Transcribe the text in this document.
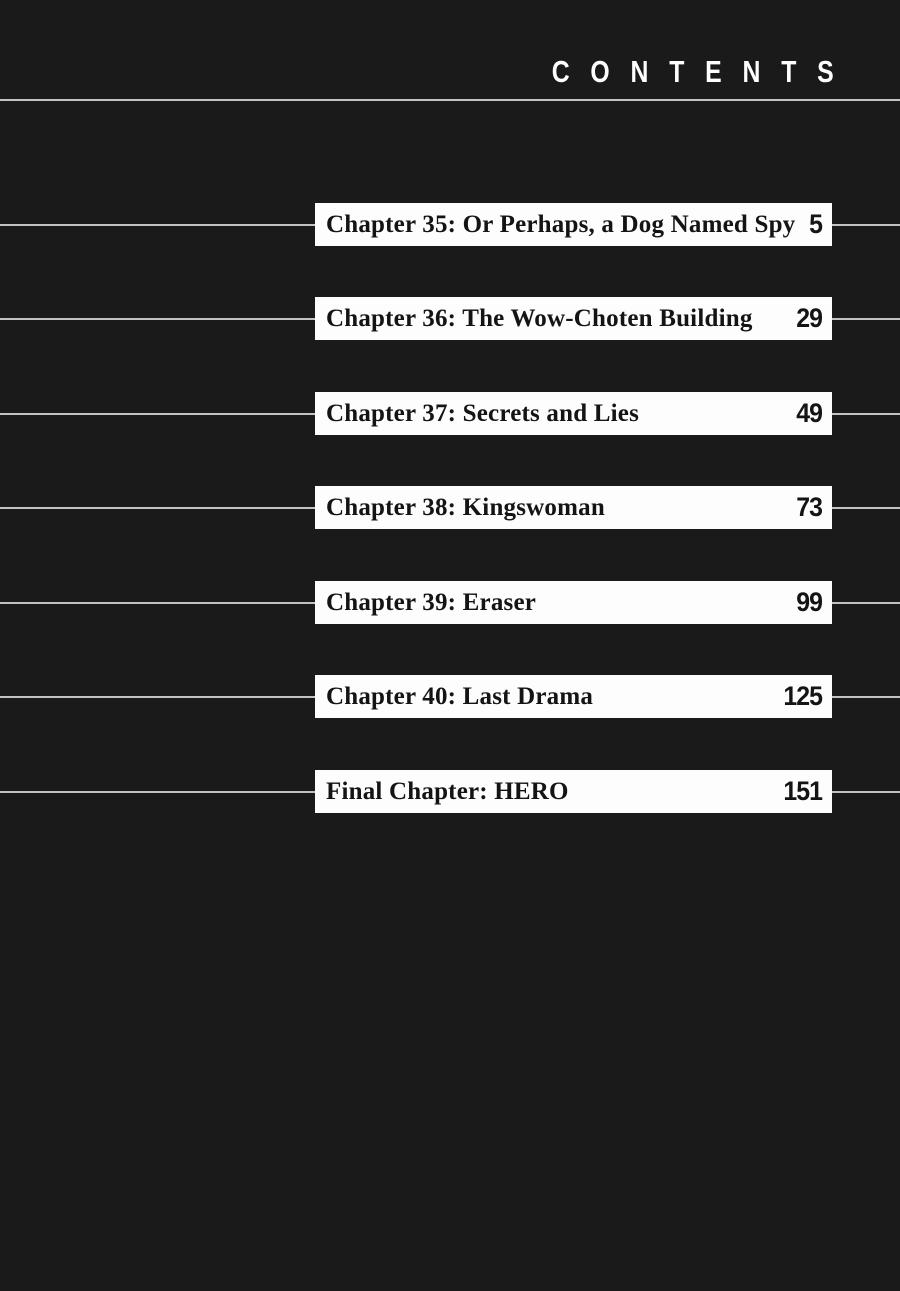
CONTENTS
Chapter 35: Or Perhaps, a Dog Named Spy 5
Chapter 36: The Wow-Choten Building 29
Chapter 37: Secrets and Lies	49
Chapter 38: Kingswoman	73
Chapter 39: Eraser	99
Chapter 40: Last Drama	125
Final Chapter: HERO	151
